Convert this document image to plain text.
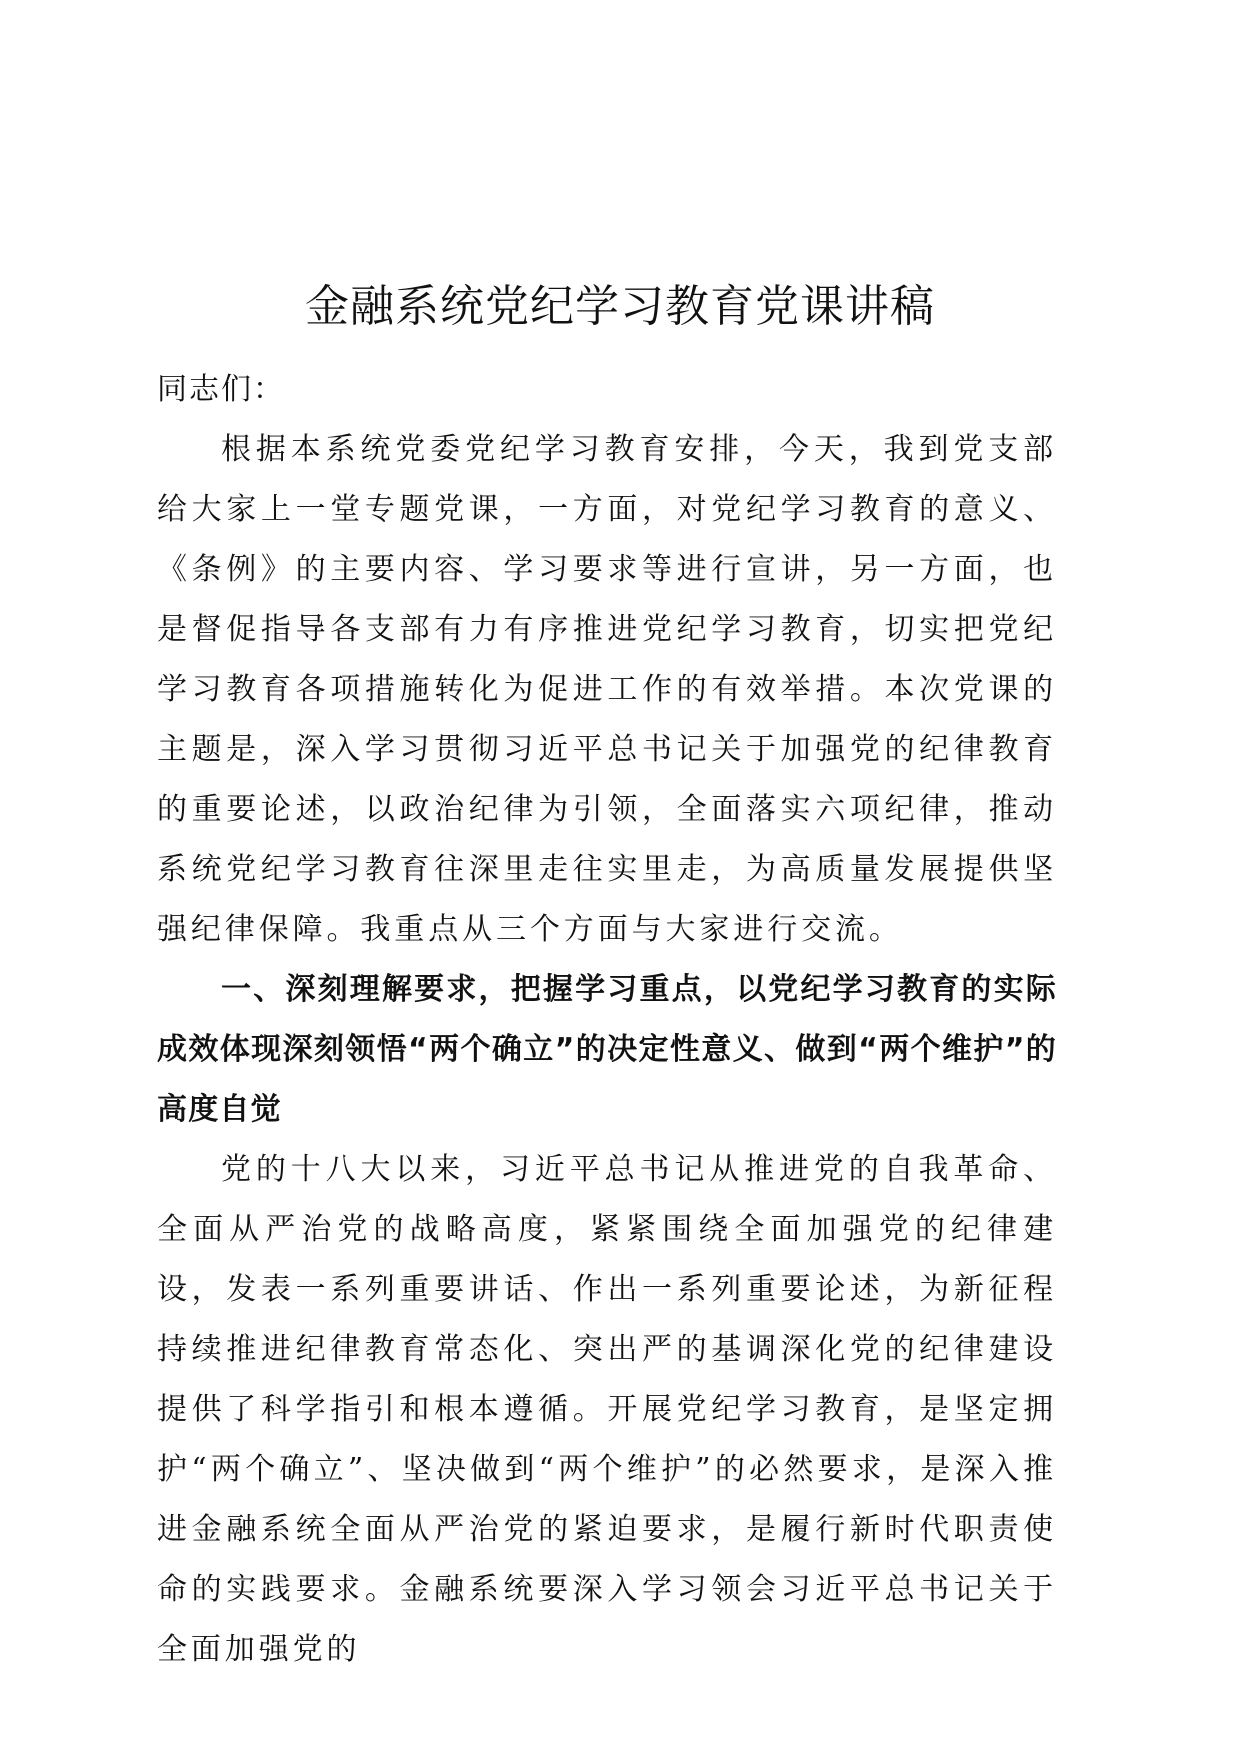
金融系统党纪学习教育党课讲稿

同志们：

根据本系统党委党纪学习教育安排，今天，我到党支部给大家上一堂专题党课，一方面，对党纪学习教育的意义、《条例》的主要内容、学习要求等进行宣讲，另一方面，也是督促指导各支部有力有序推进党纪学习教育，切实把党纪学习教育各项措施转化为促进工作的有效举措。本次党课的主题是，深入学习贯彻习近平总书记关于加强党的纪律教育的重要论述，以政治纪律为引领，全面落实六项纪律，推动系统党纪学习教育往深里走往实里走，为高质量发展提供坚强纪律保障。我重点从三个方面与大家进行交流。

一、深刻理解要求，把握学习重点，以党纪学习教育的实际成效体现深刻领悟“两个确立”的决定性意义、做到“两个维护”的高度自觉

党的十八大以来，习近平总书记从推进党的自我革命、全面从严治党的战略高度，紧紧围绕全面加强党的纪律建设，发表一系列重要讲话、作出一系列重要论述，为新征程持续推进纪律教育常态化、突出严的基调深化党的纪律建设提供了科学指引和根本遵循。开展党纪学习教育，是坚定拥护“两个确立”、坚决做到“两个维护”的必然要求，是深入推进金融系统全面从严治党的紧迫要求，是履行新时代职责使命的实践要求。金融系统要深入学习领会习近平总书记关于全面加强党的
